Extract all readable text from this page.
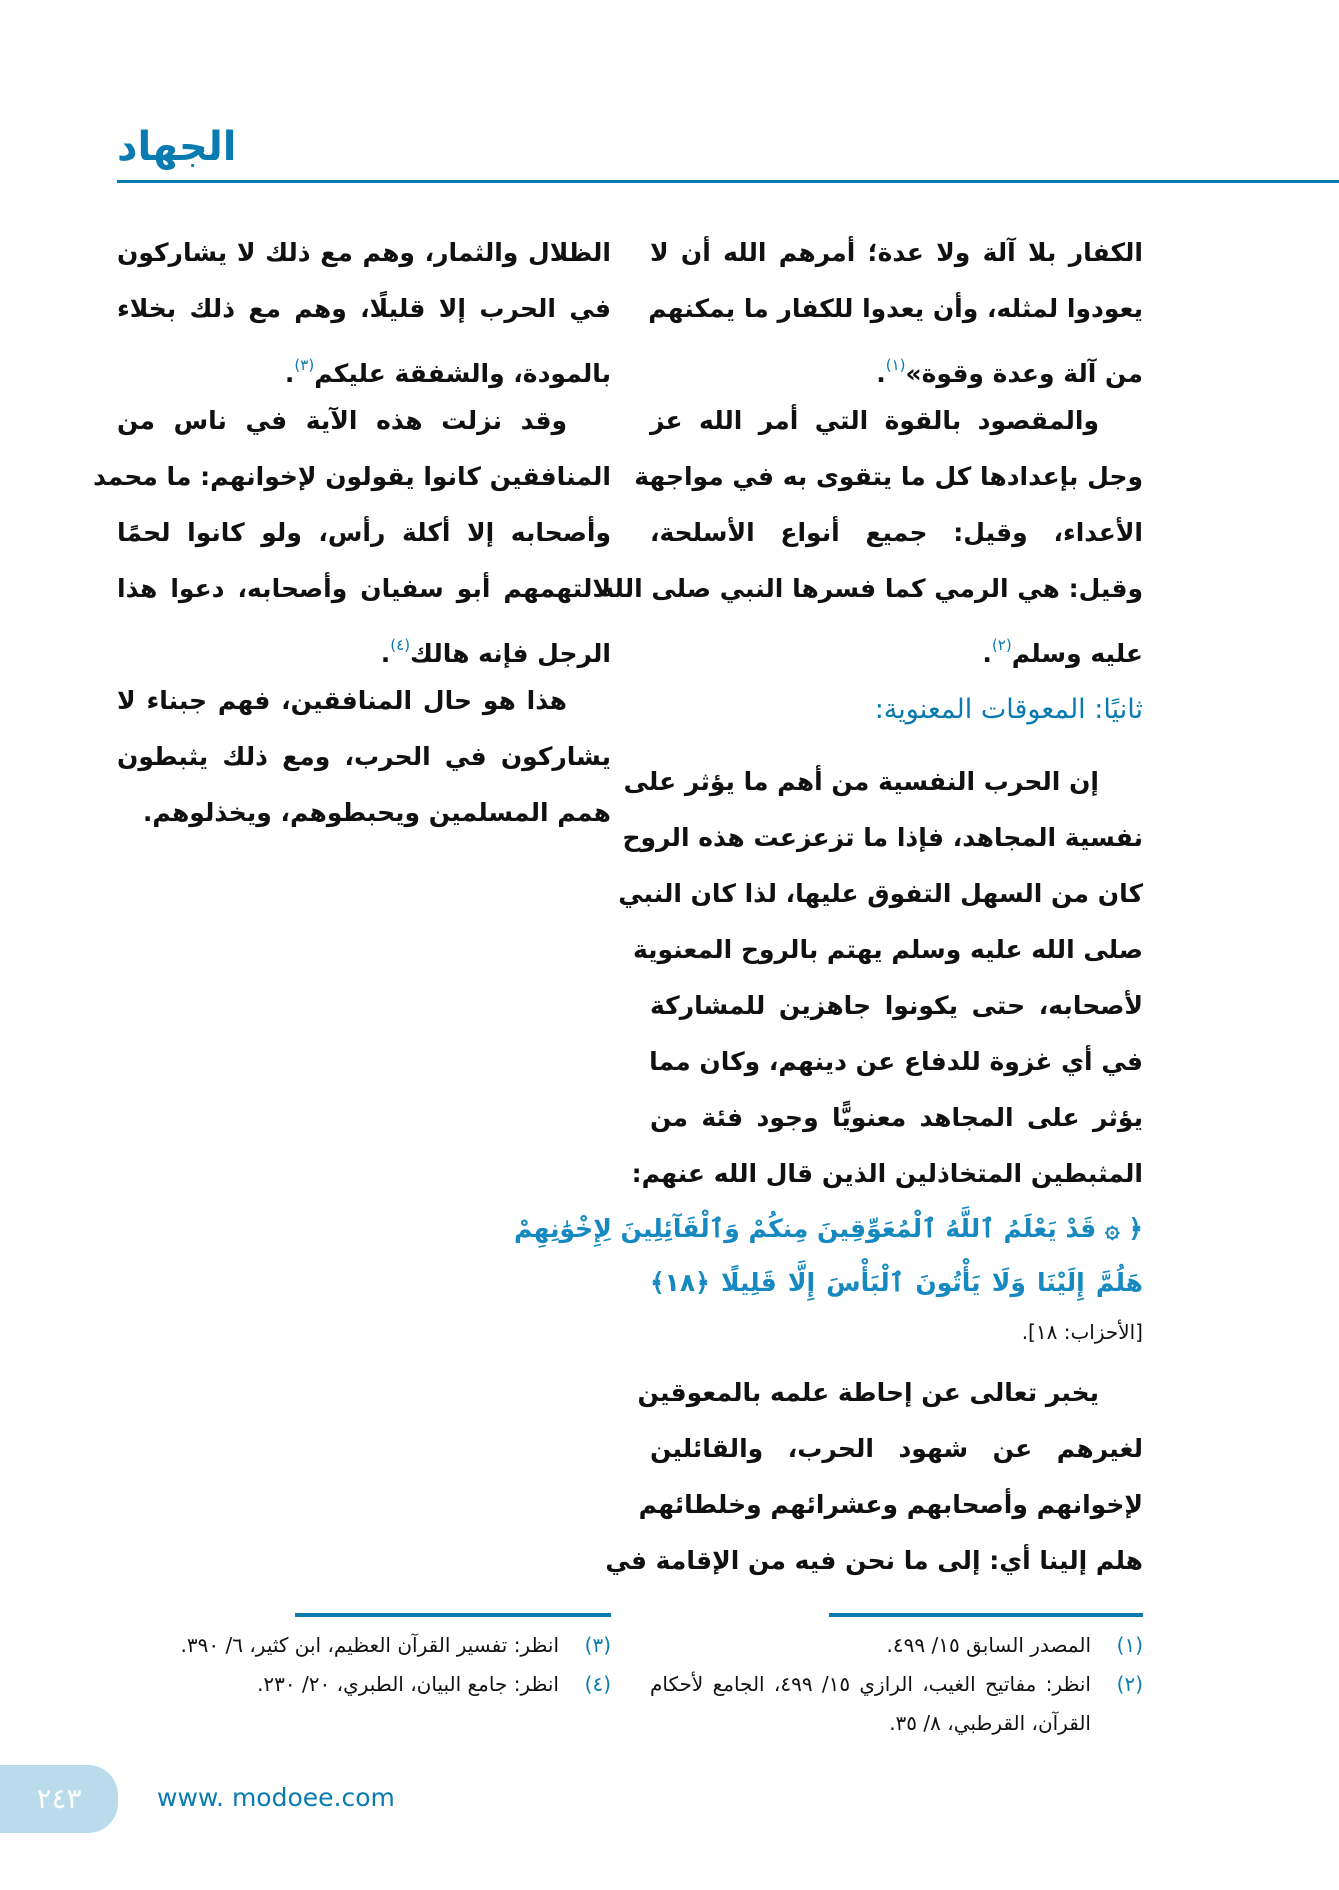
الجهاد
الكفار بلا آلة ولا عدة؛ أمرهم الله أن لا
يعودوا لمثله، وأن يعدوا للكفار ما يمكنهم
من آلة وعدة وقوة»$^{(١)}$.
والمقصود بالقوة التي أمر الله عز
وجل بإعدادها كل ما يتقوى به في مواجهة
الأعداء، وقيل: جميع أنواع الأسلحة،
وقيل: هي الرمي كما فسرها النبي صلى الله
عليه وسلم$^{(٢)}$.
ثانيًا: المعوقات المعنوية:
إن الحرب النفسية من أهم ما يؤثر على
نفسية المجاهد، فإذا ما تزعزعت هذه الروح
كان من السهل التفوق عليها، لذا كان النبي
صلى الله عليه وسلم يهتم بالروح المعنوية
لأصحابه، حتى يكونوا جاهزين للمشاركة
في أي غزوة للدفاع عن دينهم، وكان مما
يؤثر على المجاهد معنويًّا وجود فئة من
المثبطين المتخاذلين الذين قال الله عنهم:
﴿ ۞ قَدْ يَعْلَمُ ٱللَّهُ ٱلْمُعَوِّقِينَ مِنكُمْ وَٱلْقَآئِلِينَ لِإِخْوَٰنِهِمْ
هَلُمَّ إِلَيْنَا وَلَا يَأْتُونَ ٱلْبَأْسَ إِلَّا قَلِيلًا ﴿١٨﴾
[الأحزاب: ١٨].
يخبر تعالى عن إحاطة علمه بالمعوقين
لغيرهم عن شهود الحرب، والقائلين
لإخوانهم وأصحابهم وعشرائهم وخلطائهم
هلم إلينا أي: إلى ما نحن فيه من الإقامة في
الظلال والثمار، وهم مع ذلك لا يشاركون
في الحرب إلا قليلًا، وهم مع ذلك بخلاء
بالمودة، والشفقة عليكم$^{(٣)}$.
وقد نزلت هذه الآية في ناس من
المنافقين كانوا يقولون لإخوانهم: ما محمد
وأصحابه إلا أكلة رأس، ولو كانوا لحمًا
لالتهمهم أبو سفيان وأصحابه، دعوا هذا
الرجل فإنه هالك$^{(٤)}$.
هذا هو حال المنافقين، فهم جبناء لا
يشاركون في الحرب، ومع ذلك يثبطون
همم المسلمين ويحبطوهم، ويخذلوهم.
(١)
المصدر السابق ١٥/ ٤٩٩.
(٢)
انظر: مفاتيح الغيب، الرازي ١٥/ ٤٩٩، الجامع لأحكام القرآن، القرطبي، ٨/ ٣٥.
(٣)
انظر: تفسير القرآن العظيم، ابن كثير، ٦/ ٣٩٠.
(٤)
انظر: جامع البيان، الطبري، ٢٠/ ٢٣٠.
٢٤٣	www. modoee.com
